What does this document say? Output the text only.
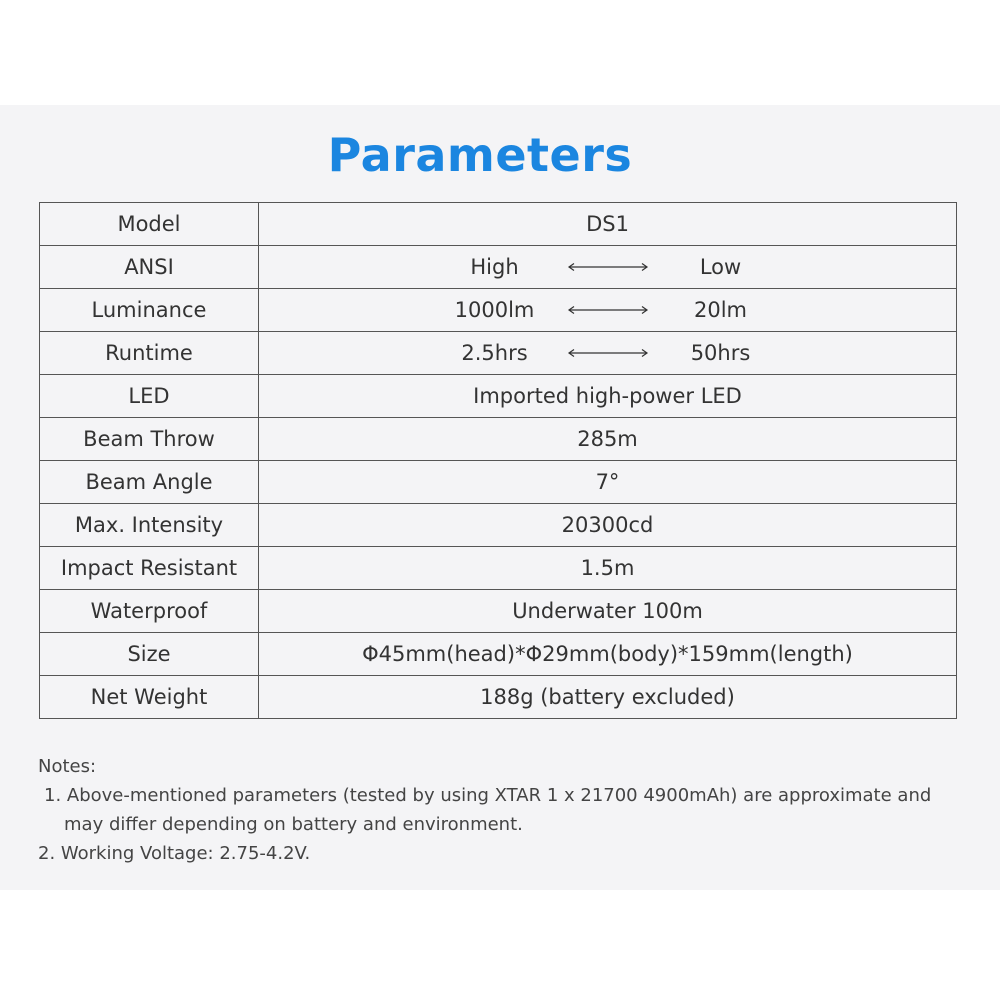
Parameters
Model	DS1
ANSI	High Low

Luminance	1000lm 20lm

Runtime	2.5hrs 50hrs

LED	Imported high-power LED
Beam Throw	285m
Beam Angle	7°
Max. Intensity	20300cd
Impact Resistant	1.5m
Waterproof	Underwater 100m
Size	Φ45mm(head)*Φ29mm(body)*159mm(length)
Net Weight	188g (battery excluded)
Notes:
1. Above-mentioned parameters (tested by using XTAR 1 x 21700 4900mAh) are approximate and
may differ depending on battery and environment.
2. Working Voltage: 2.75-4.2V.
